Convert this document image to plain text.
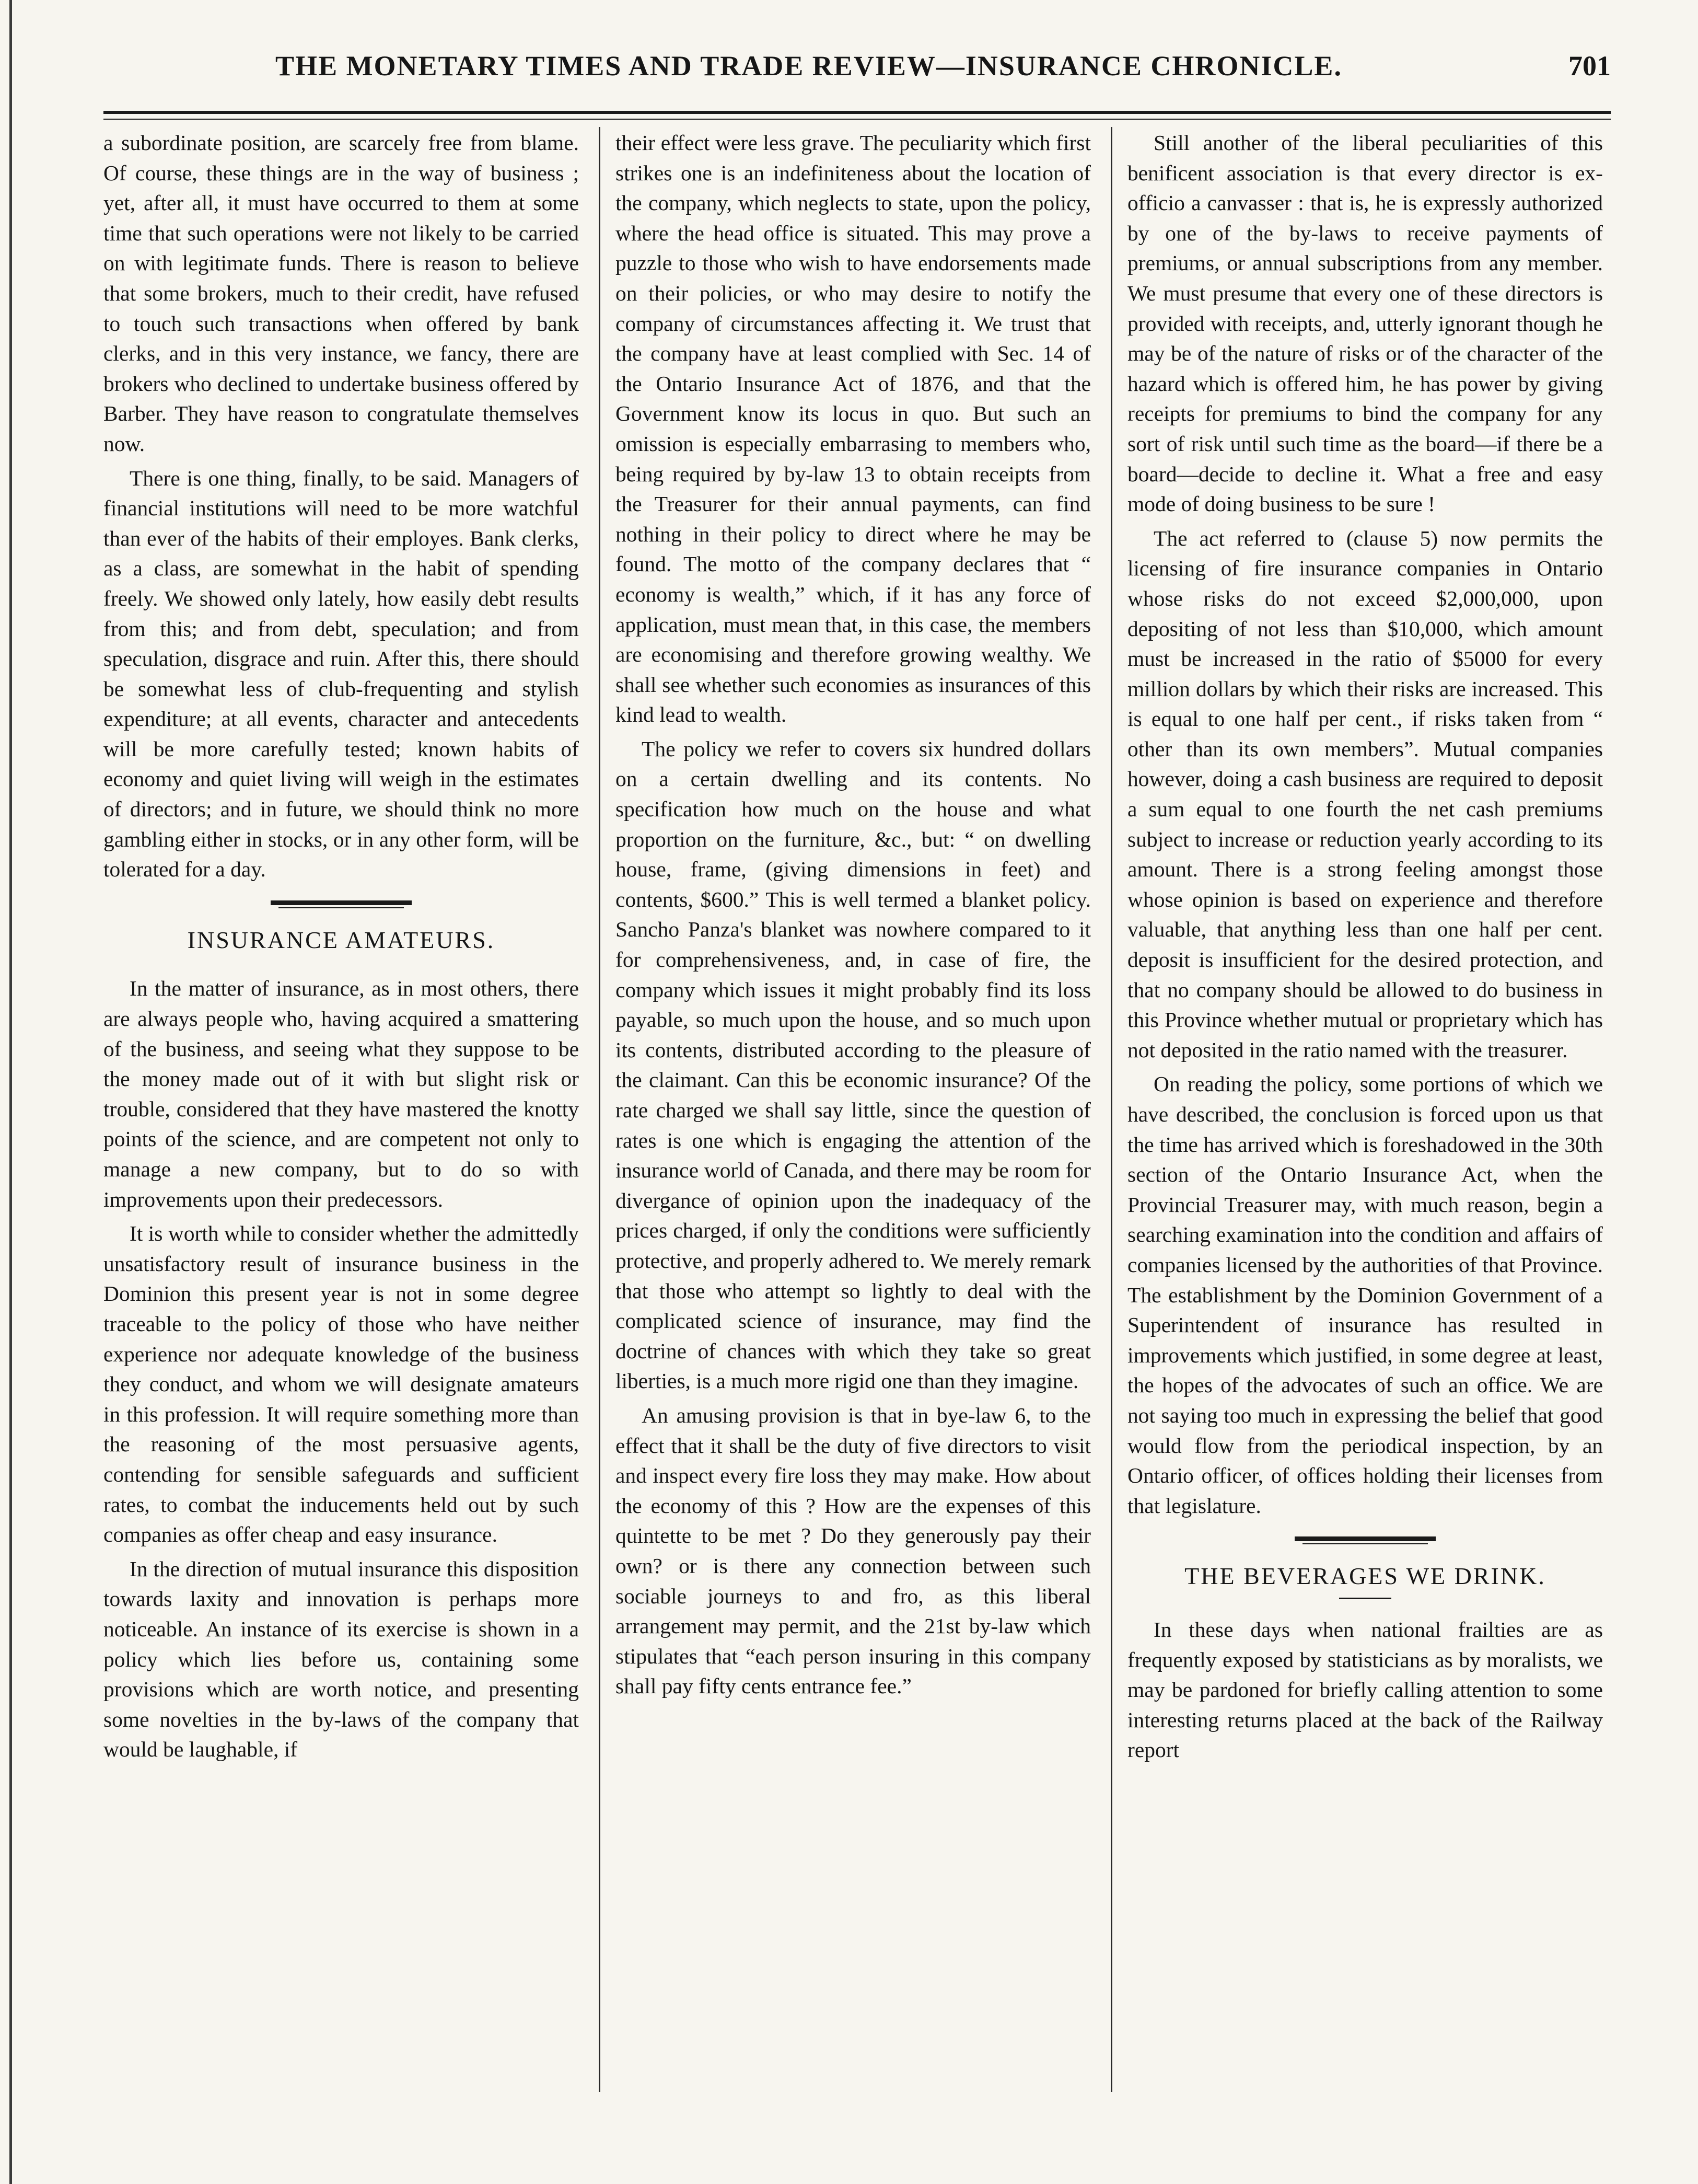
THE MONETARY TIMES AND TRADE REVIEW—INSURANCE CHRONICLE.	701

a subordinate position, are scarcely free from blame. Of course, these things are in the way of business ; yet, after all, it must have occurred to them at some time that such operations were not likely to be carried on with legitimate funds. There is reason to believe that some brokers, much to their credit, have refused to touch such transactions when offered by bank clerks, and in this very instance, we fancy, there are brokers who declined to undertake business offered by Barber. They have reason to congratulate themselves now.

There is one thing, finally, to be said. Managers of financial institutions will need to be more watchful than ever of the habits of their employes. Bank clerks, as a class, are somewhat in the habit of spending freely. We showed only lately, how easily debt results from this; and from debt, speculation; and from speculation, disgrace and ruin. After this, there should be somewhat less of club-frequenting and stylish expenditure; at all events, character and antecedents will be more carefully tested; known habits of economy and quiet living will weigh in the estimates of directors; and in future, we should think no more gambling either in stocks, or in any other form, will be tolerated for a day.

INSURANCE AMATEURS.

In the matter of insurance, as in most others, there are always people who, having acquired a smattering of the business, and seeing what they suppose to be the money made out of it with but slight risk or trouble, considered that they have mastered the knotty points of the science, and are competent not only to manage a new company, but to do so with improvements upon their predecessors.

It is worth while to consider whether the admittedly unsatisfactory result of insurance business in the Dominion this present year is not in some degree traceable to the policy of those who have neither experience nor adequate knowledge of the business they conduct, and whom we will designate amateurs in this profession. It will require something more than the reasoning of the most persuasive agents, contending for sensible safeguards and sufficient rates, to combat the inducements held out by such companies as offer cheap and easy insurance.

In the direction of mutual insurance this disposition towards laxity and innovation is perhaps more noticeable. An instance of its exercise is shown in a policy which lies before us, containing some provisions which are worth notice, and presenting some novelties in the by-laws of the company that would be laughable, if

their effect were less grave. The peculiarity which first strikes one is an indefiniteness about the location of the company, which neglects to state, upon the policy, where the head office is situated. This may prove a puzzle to those who wish to have endorsements made on their policies, or who may desire to notify the company of circumstances affecting it. We trust that the company have at least complied with Sec. 14 of the Ontario Insurance Act of 1876, and that the Government know its locus in quo. But such an omission is especially embarrasing to members who, being required by by-law 13 to obtain receipts from the Treasurer for their annual payments, can find nothing in their policy to direct where he may be found. The motto of the company declares that “ economy is wealth,” which, if it has any force of application, must mean that, in this case, the members are economising and therefore growing wealthy. We shall see whether such economies as insurances of this kind lead to wealth.

The policy we refer to covers six hundred dollars on a certain dwelling and its contents. No specification how much on the house and what proportion on the furniture, &c., but: “ on dwelling house, frame, (giving dimensions in feet) and contents, $600.” This is well termed a blanket policy. Sancho Panza's blanket was nowhere compared to it for comprehensiveness, and, in case of fire, the company which issues it might probably find its loss payable, so much upon the house, and so much upon its contents, distributed according to the pleasure of the claimant. Can this be economic insurance? Of the rate charged we shall say little, since the question of rates is one which is engaging the attention of the insurance world of Canada, and there may be room for divergance of opinion upon the inadequacy of the prices charged, if only the conditions were sufficiently protective, and properly adhered to. We merely remark that those who attempt so lightly to deal with the complicated science of insurance, may find the doctrine of chances with which they take so great liberties, is a much more rigid one than they imagine.

An amusing provision is that in bye-law 6, to the effect that it shall be the duty of five directors to visit and inspect every fire loss they may make. How about the economy of this ? How are the expenses of this quintette to be met ? Do they generously pay their own? or is there any connection between such sociable journeys to and fro, as this liberal arrangement may permit, and the 21st by-law which stipulates that “each person insuring in this company shall pay fifty cents entrance fee.”

Still another of the liberal peculiarities of this benificent association is that every director is ex-officio a canvasser : that is, he is expressly authorized by one of the by-laws to receive payments of premiums, or annual subscriptions from any member. We must presume that every one of these directors is provided with receipts, and, utterly ignorant though he may be of the nature of risks or of the character of the hazard which is offered him, he has power by giving receipts for premiums to bind the company for any sort of risk until such time as the board—if there be a board—decide to decline it. What a free and easy mode of doing business to be sure !

The act referred to (clause 5) now permits the licensing of fire insurance companies in Ontario whose risks do not exceed $2,000,000, upon depositing of not less than $10,000, which amount must be increased in the ratio of $5000 for every million dollars by which their risks are increased. This is equal to one half per cent., if risks taken from “ other than its own members”. Mutual companies however, doing a cash business are required to deposit a sum equal to one fourth the net cash premiums subject to increase or reduction yearly according to its amount. There is a strong feeling amongst those whose opinion is based on experience and therefore valuable, that anything less than one half per cent. deposit is insufficient for the desired protection, and that no company should be allowed to do business in this Province whether mutual or proprietary which has not deposited in the ratio named with the treasurer.

On reading the policy, some portions of which we have described, the conclusion is forced upon us that the time has arrived which is foreshadowed in the 30th section of the Ontario Insurance Act, when the Provincial Treasurer may, with much reason, begin a searching examination into the condition and affairs of companies licensed by the authorities of that Province. The establishment by the Dominion Government of a Superintendent of insurance has resulted in improvements which justified, in some degree at least, the hopes of the advocates of such an office. We are not saying too much in expressing the belief that good would flow from the periodical inspection, by an Ontario officer, of offices holding their licenses from that legislature.

THE BEVERAGES WE DRINK.

In these days when national frailties are as frequently exposed by statisticians as by moralists, we may be pardoned for briefly calling attention to some interesting returns placed at the back of the Railway report
